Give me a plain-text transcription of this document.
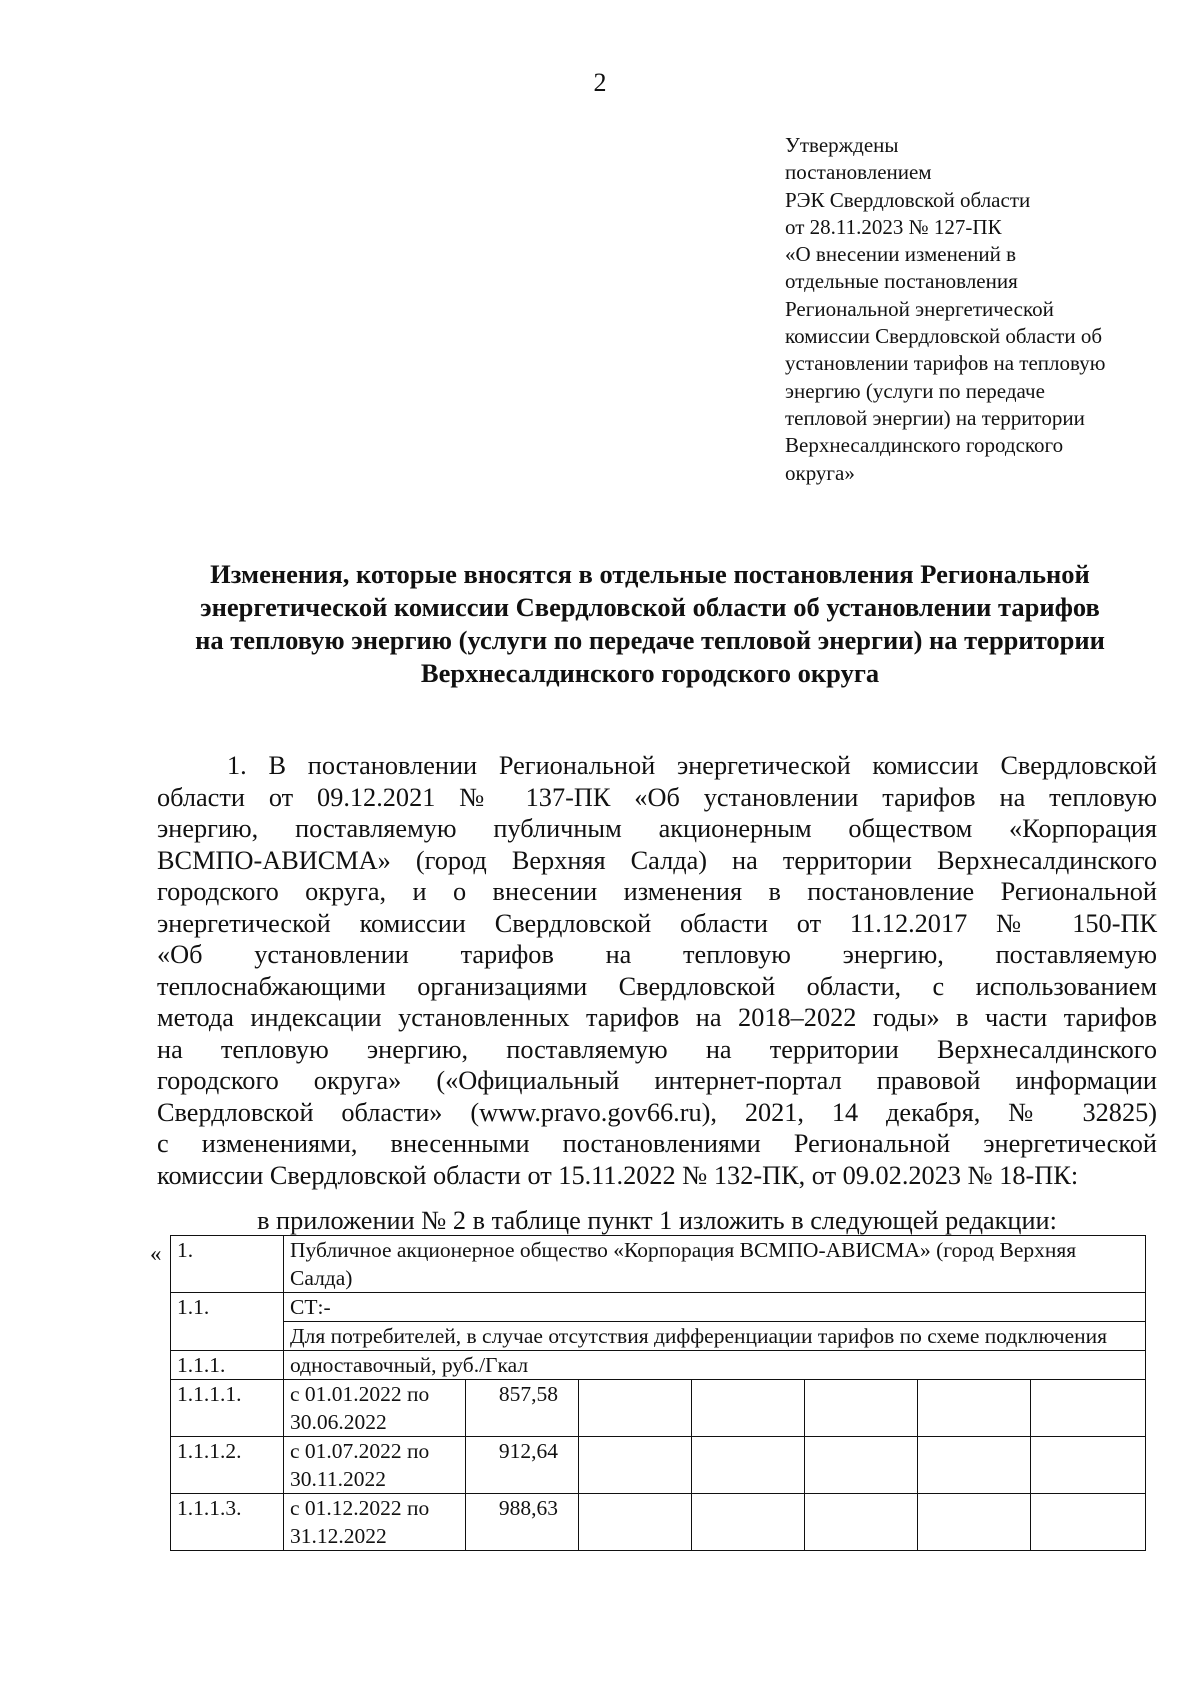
2
Утверждены
постановлением
РЭК Свердловской области
от 28.11.2023 № 127-ПК
«О внесении изменений в
отдельные постановления
Региональной энергетической
комиссии Свердловской области об
установлении тарифов на тепловую
энергию (услуги по передаче
тепловой энергии) на территории
Верхнесалдинского городского
округа»
Изменения, которые вносятся в отдельные постановления Региональной
энергетической комиссии Свердловской области об установлении тарифов
на тепловую энергию (услуги по передаче тепловой энергии) на территории
Верхнесалдинского городского округа
1. В постановлении Региональной энергетической комиссии Свердловской
области от 09.12.2021 № 137-ПК «Об установлении тарифов на тепловую
энергию, поставляемую публичным акционерным обществом «Корпорация
ВСМПО-АВИСМА» (город Верхняя Салда) на территории Верхнесалдинского
городского округа, и о внесении изменения в постановление Региональной
энергетической комиссии Свердловской области от 11.12.2017 № 150-ПК
«Об установлении тарифов на тепловую энергию, поставляемую
теплоснабжающими организациями Свердловской области, с использованием
метода индексации установленных тарифов на 2018–2022 годы» в части тарифов
на тепловую энергию, поставляемую на территории Верхнесалдинского
городского округа» («Официальный интернет-портал правовой информации
Свердловской области» (www.pravo.gov66.ru), 2021, 14 декабря, № 32825)
с изменениями, внесенными постановлениями Региональной энергетической
комиссии Свердловской области от 15.11.2022 № 132-ПК, от 09.02.2023 № 18-ПК:
в приложении № 2 в таблице пункт 1 изложить в следующей редакции:
« 1.	Публичное акционерное общество «Корпорация ВСМПО-АВИСМА» (город Верхняя Салда)						
1.1.	СТ:-						
	Для потребителей, в случае отсутствия дифференциации тарифов по схеме подключения						
1.1.1.	одноставочный, руб./Гкал						
1.1.1.1.	с 01.01.2022 по 30.06.2022	857,58					
1.1.1.2.	с 01.07.2022 по 30.11.2022	912,64					
1.1.1.3.	с 01.12.2022 по 31.12.2022	988,63					
